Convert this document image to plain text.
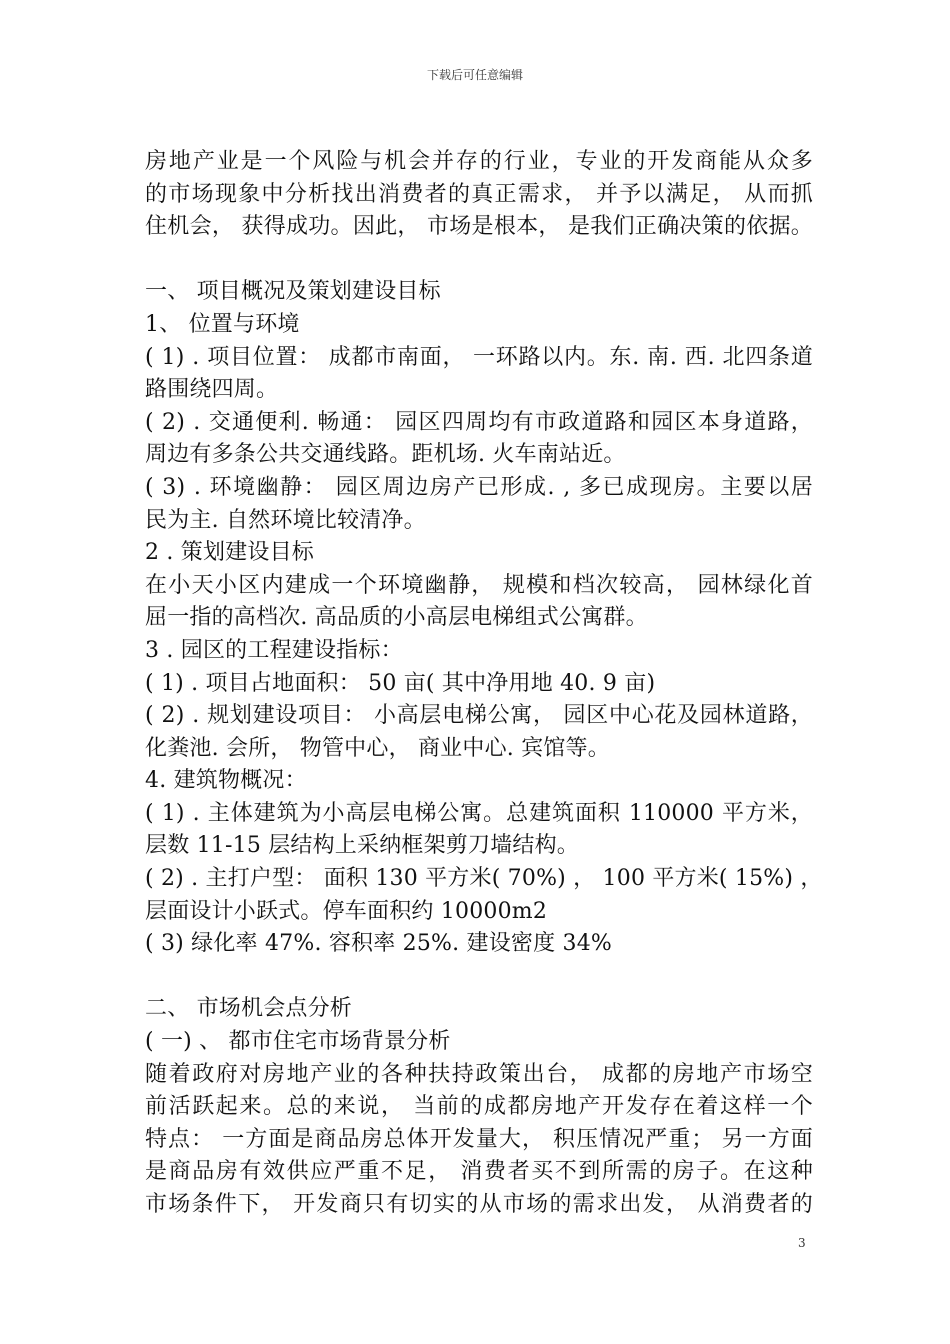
下载后可任意编辑
房地产业是一个风险与机会并存的行业，专业的开发商能从众多
的市场现象中分析找出消费者的真正需求， 并予以满足， 从而抓
住机会， 获得成功。因此， 市场是根本， 是我们正确决策的依据。
一、 项目概况及策划建设目标
1、 位置与环境
( 1) . 项目位置： 成都市南面， 一环路以内。东. 南. 西. 北四条道
路围绕四周。
( 2) . 交通便利. 畅通： 园区四周均有市政道路和园区本身道路，
周边有多条公共交通线路。距机场. 火车南站近。
( 3) . 环境幽静： 园区周边房产已形成. , 多已成现房。主要以居
民为主. 自然环境比较清净。
2 . 策划建设目标
在小天小区内建成一个环境幽静， 规模和档次较高， 园林绿化首
屈一指的高档次. 高品质的小高层电梯组式公寓群。
3 . 园区的工程建设指标：
( 1) . 项目占地面积： 50 亩( 其中净用地 40. 9 亩)
( 2) . 规划建设项目： 小高层电梯公寓， 园区中心花及园林道路，
化粪池. 会所， 物管中心， 商业中心. 宾馆等。
4. 建筑物概况：
( 1) . 主体建筑为小高层电梯公寓。总建筑面积 110000 平方米，
层数 11-15 层结构上采纳框架剪刀墙结构。
( 2) . 主打户型： 面积 130 平方米( 70%) ， 100 平方米( 15%) ，
层面设计小跃式。停车面积约 10000m2
( 3) 绿化率 47%. 容积率 25%. 建设密度 34%
二、 市场机会点分析
( 一) 、 都市住宅市场背景分析
随着政府对房地产业的各种扶持政策出台， 成都的房地产市场空
前活跃起来。总的来说， 当前的成都房地产开发存在着这样一个
特点： 一方面是商品房总体开发量大， 积压情况严重； 另一方面
是商品房有效供应严重不足， 消费者买不到所需的房子。在这种
市场条件下， 开发商只有切实的从市场的需求出发， 从消费者的
3
